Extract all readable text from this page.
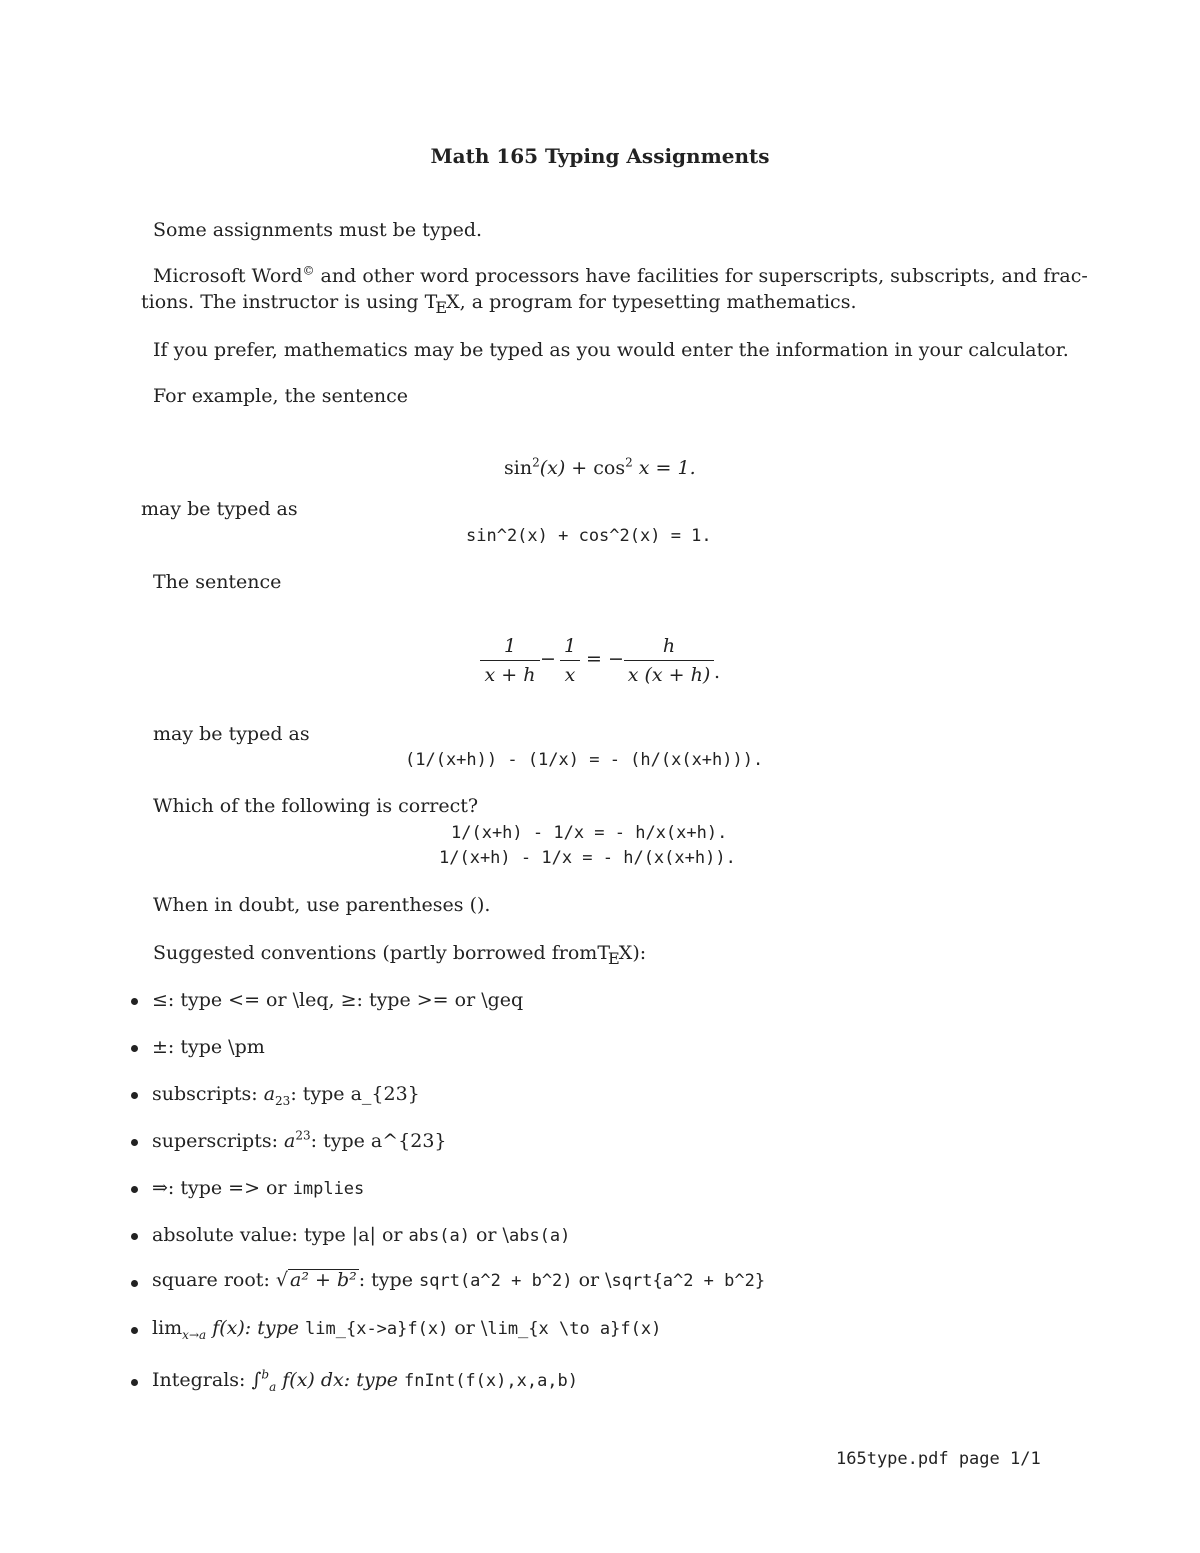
Math 165 Typing Assignments
Some assignments must be typed.
Microsoft Word© and other word processors have facilities for superscripts, subscripts, and frac-
tions. The instructor is using $T_EX$, a program for typesetting mathematics.
If you prefer, mathematics may be typed as you would enter the information in your calculator.
For example, the sentence
$\sin^2(x) + \cos^2 x = 1$.
may be typed as
sin^2(x) + cos^2(x) = 1.
The sentence
1
x + h
−
1
x
= −
h
x (x + h) .
may be typed as
(1/(x+h)) - (1/x) = - (h/(x(x+h))).
Which of the following is correct?
1/(x+h) - 1/x = - h/x(x+h).
1/(x+h) - 1/x = - h/(x(x+h)).
When in doubt, use parentheses ().
Suggested conventions (partly borrowed fromT$_E$X):
≤: type <= or \leq, ≥: type >= or \geq
±: type \pm
subscripts: $a_{23}$: type a_{23}
superscripts: $a^{23}$: type a^{23}
⇒: type => or implies
absolute value: type |a| or abs(a) or \abs(a)
square root: √ a² + b² : type sqrt(a^2 + b^2) or \sqrt{a^2 + b^2}
$\lim_{x\to a} f(x)$: type lim_{x->a}f(x) or \lim_{x \to a}f(x)
Integrals: ∫$^b_a$ f(x) dx: type fnInt(f(x),x,a,b)
165type.pdf page 1/1
